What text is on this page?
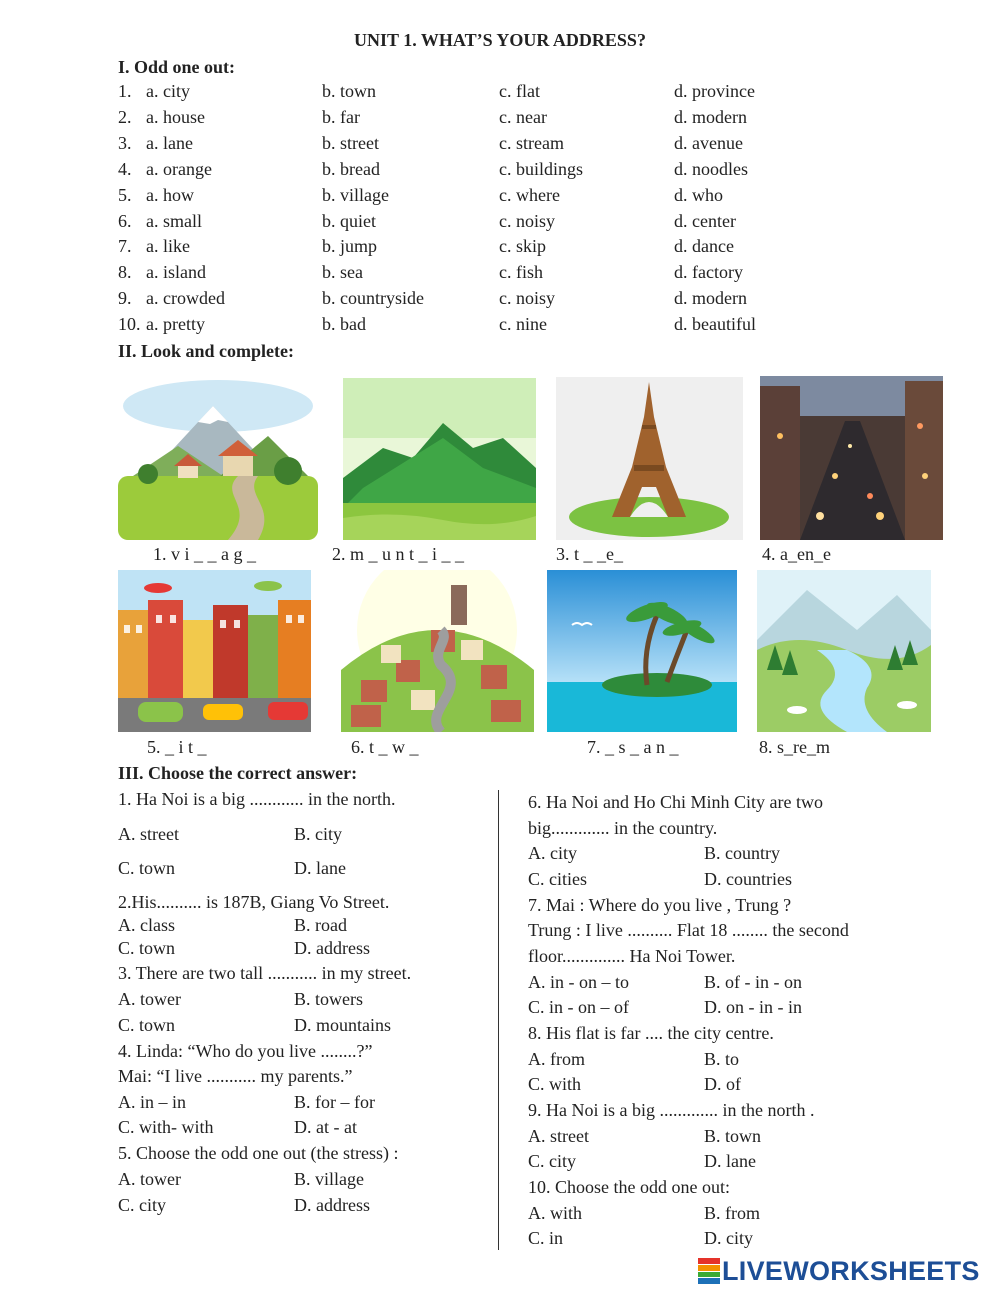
UNIT 1. WHAT’S YOUR ADDRESS?
I. Odd one out:
1. a. city	b. town	c. flat	d. province
2. a. house	b. far	c. near	d. modern
3. a. lane	b. street	c. stream	d. avenue
4. a. orange	b. bread	c. buildings	d. noodles
5. a. how	b. village	c. where	d. who
6. a. small	b. quiet	c. noisy	d. center
7. a. like	b. jump	c. skip	d. dance
8. a. island	b. sea	c. fish	d. factory
9. a. crowded	b. countryside	c. noisy	d. modern
10. a. pretty	b. bad	c. nine	d. beautiful
II. Look and complete:
1. v i _ _ a g _	2. m _ u n t _ i _ _	3. t _ _e_	4. a_en_e
5. _ i t _	6. t _ w _	7. _ s _ a n _	8. s_re_m
III. Choose the correct answer:
1. Ha Noi is a big ............ in the north.
A. street	B. city
C. town	D. lane
2.His.......... is 187B, Giang Vo Street.
A. class	B. road
C. town	D. address
3. There are two tall ........... in my street.
A. tower	B. towers
C. town	D. mountains
4. Linda: “Who do you live ........?”
Mai: “I live ........... my parents.”
A. in – in	B. for – for
C. with- with	D. at - at
5. Choose the odd one out (the stress) :
A. tower	B. village
C. city	D. address
6. Ha Noi and Ho Chi Minh City are two
big............. in the country.
A. city	B. country
C. cities	D. countries
7. Mai : Where do you live , Trung ?
Trung : I live .......... Flat 18 ........ the second
floor.............. Ha Noi Tower.
A. in - on – to	B. of - in - on
C. in - on – of	D. on - in - in
8. His flat is far .... the city centre.
A. from	B. to
C. with	D. of
9. Ha Noi is a big ............. in the north .
A. street	B. town
C. city	D. lane
10. Choose the odd one out:
A. with	B. from
C. in	D. city
LIVEWORKSHEETS
